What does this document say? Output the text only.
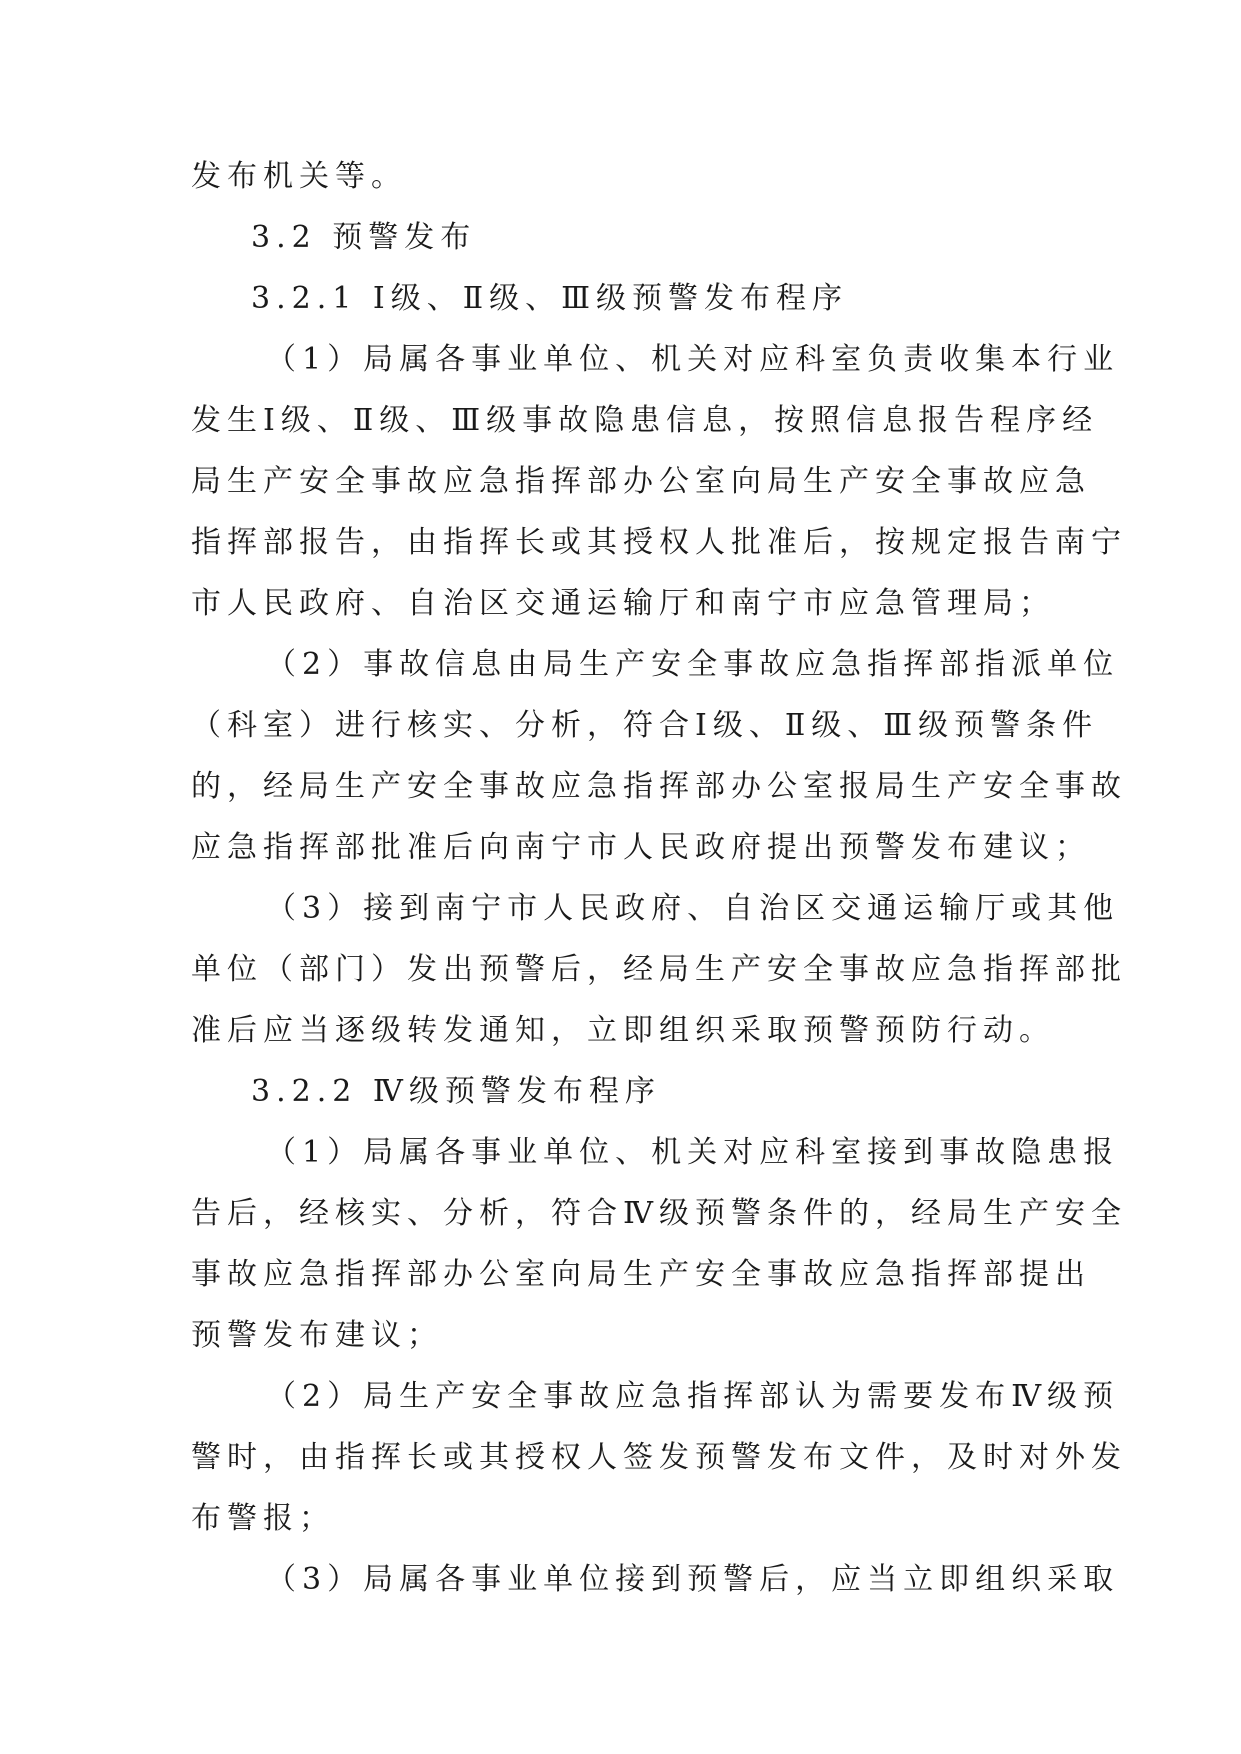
发布机关等。
3.2 预警发布
3.2.1 Ⅰ级、Ⅱ级、Ⅲ级预警发布程序
（1）局属各事业单位、机关对应科室负责收集本行业
发生Ⅰ级、Ⅱ级、Ⅲ级事故隐患信息，按照信息报告程序经
局生产安全事故应急指挥部办公室向局生产安全事故应急
指挥部报告，由指挥长或其授权人批准后，按规定报告南宁
市人民政府、自治区交通运输厅和南宁市应急管理局；
（2）事故信息由局生产安全事故应急指挥部指派单位
（科室）进行核实、分析，符合Ⅰ级、Ⅱ级、Ⅲ级预警条件
的，经局生产安全事故应急指挥部办公室报局生产安全事故
应急指挥部批准后向南宁市人民政府提出预警发布建议；
（3）接到南宁市人民政府、自治区交通运输厅或其他
单位（部门）发出预警后，经局生产安全事故应急指挥部批
准后应当逐级转发通知，立即组织采取预警预防行动。
3.2.2 Ⅳ级预警发布程序
（1）局属各事业单位、机关对应科室接到事故隐患报
告后，经核实、分析，符合Ⅳ级预警条件的，经局生产安全
事故应急指挥部办公室向局生产安全事故应急指挥部提出
预警发布建议；
（2）局生产安全事故应急指挥部认为需要发布Ⅳ级预
警时，由指挥长或其授权人签发预警发布文件，及时对外发
布警报；
（3）局属各事业单位接到预警后，应当立即组织采取
